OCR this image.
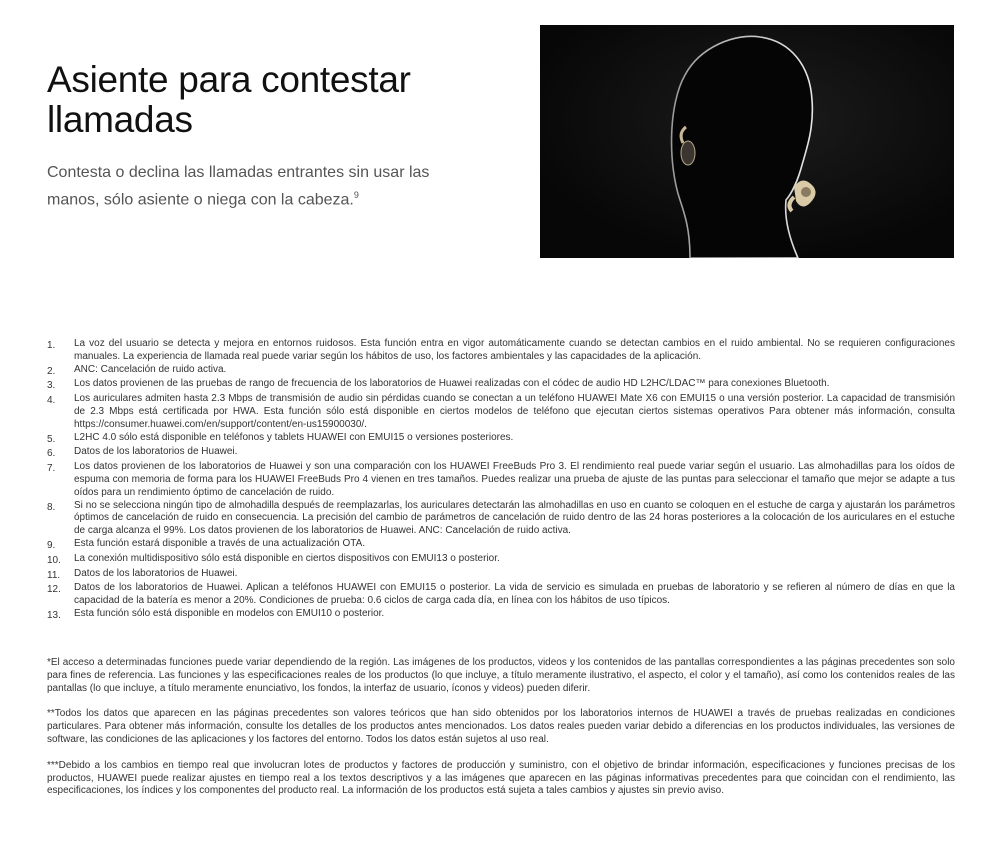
Asiente para contestar llamadas

Contesta o declina las llamadas entrantes sin usar las manos, sólo asiente o niega con la cabeza.$^9$

1.	La voz del usuario se detecta y mejora en entornos ruidosos. Esta función entra en vigor automáticamente cuando se detectan cambios en el ruido ambiental. No se requieren configuraciones manuales. La experiencia de llamada real puede variar según los hábitos de uso, los factores ambientales y las capacidades de la aplicación.
2.	ANC: Cancelación de ruido activa.
3.	Los datos provienen de las pruebas de rango de frecuencia de los laboratorios de Huawei realizadas con el códec de audio HD L2HC/LDAC™ para conexiones Bluetooth.
4.	Los auriculares admiten hasta 2.3 Mbps de transmisión de audio sin pérdidas cuando se conectan a un teléfono HUAWEI Mate X6 con EMUI15 o una versión posterior. La capacidad de transmisión de 2.3 Mbps está certificada por HWA. Esta función sólo está disponible en ciertos modelos de teléfono que ejecutan ciertos sistemas operativos Para obtener más información, consulta https://consumer.huawei.com/en/support/content/en-us15900030/.
5.	L2HC 4.0 sólo está disponible en teléfonos y tablets HUAWEI con EMUI15 o versiones posteriores.
6.	Datos de los laboratorios de Huawei.
7.	Los datos provienen de los laboratorios de Huawei y son una comparación con los HUAWEI FreeBuds Pro 3. El rendimiento real puede variar según el usuario. Las almohadillas para los oídos de espuma con memoria de forma para los HUAWEI FreeBuds Pro 4 vienen en tres tamaños. Puedes realizar una prueba de ajuste de las puntas para seleccionar el tamaño que mejor se adapte a tus oídos para un rendimiento óptimo de cancelación de ruido.
8.	Si no se selecciona ningún tipo de almohadilla después de reemplazarlas, los auriculares detectarán las almohadillas en uso en cuanto se coloquen en el estuche de carga y ajustarán los parámetros óptimos de cancelación de ruido en consecuencia. La precisión del cambio de parámetros de cancelación de ruido dentro de las 24 horas posteriores a la colocación de los auriculares en el estuche de carga alcanza el 99%. Los datos provienen de los laboratorios de Huawei. ANC: Cancelación de ruido activa.
9.	Esta función estará disponible a través de una actualización OTA.
10.	La conexión multidispositivo sólo está disponible en ciertos dispositivos con EMUI13 o posterior.
11.	Datos de los laboratorios de Huawei.
12.	Datos de los laboratorios de Huawei. Aplican a teléfonos HUAWEI con EMUI15 o posterior. La vida de servicio es simulada en pruebas de laboratorio y se refieren al número de días en que la capacidad de la batería es menor a 20%. Condiciones de prueba: 0.6 ciclos de carga cada día, en línea con los hábitos de uso típicos.
13.	Esta función sólo está disponible en modelos con EMUI10 o posterior.

*El acceso a determinadas funciones puede variar dependiendo de la región. Las imágenes de los productos, videos y los contenidos de las pantallas correspondientes a las páginas precedentes son solo para fines de referencia. Las funciones y las especificaciones reales de los productos (lo que incluye, a título meramente ilustrativo, el aspecto, el color y el tamaño), así como los contenidos reales de las pantallas (lo que incluye, a título meramente enunciativo, los fondos, la interfaz de usuario, íconos y videos) pueden diferir.

**Todos los datos que aparecen en las páginas precedentes son valores teóricos que han sido obtenidos por los laboratorios internos de HUAWEI a través de pruebas realizadas en condiciones particulares. Para obtener más información, consulte los detalles de los productos antes mencionados. Los datos reales pueden variar debido a diferencias en los productos individuales, las versiones de software, las condiciones de las aplicaciones y los factores del entorno. Todos los datos están sujetos al uso real.

***Debido a los cambios en tiempo real que involucran lotes de productos y factores de producción y suministro, con el objetivo de brindar información, especificaciones y funciones precisas de los productos, HUAWEI puede realizar ajustes en tiempo real a los textos descriptivos y a las imágenes que aparecen en las páginas informativas precedentes para que coincidan con el rendimiento, las especificaciones, los índices y los componentes del producto real. La información de los productos está sujeta a tales cambios y ajustes sin previo aviso.
